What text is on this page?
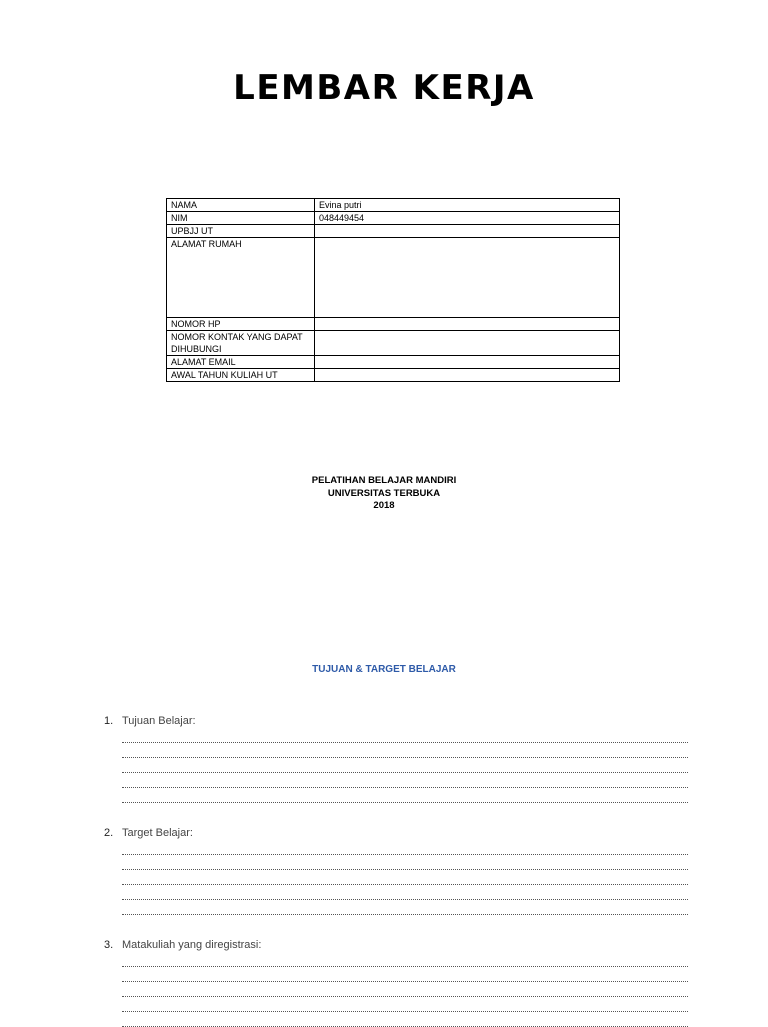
LEMBAR KERJA
NAMA	Evina putri
NIM	048449454
UPBJJ UT	
ALAMAT RUMAH	
NOMOR HP	
NOMOR KONTAK YANG DAPAT DIHUBUNGI	
ALAMAT EMAIL	
AWAL TAHUN KULIAH UT	
PELATIHAN BELAJAR MANDIRI
UNIVERSITAS TERBUKA
2018
TUJUAN & TARGET BELAJAR
1. Tujuan Belajar:
2. Target Belajar:
3. Matakuliah yang diregistrasi:
